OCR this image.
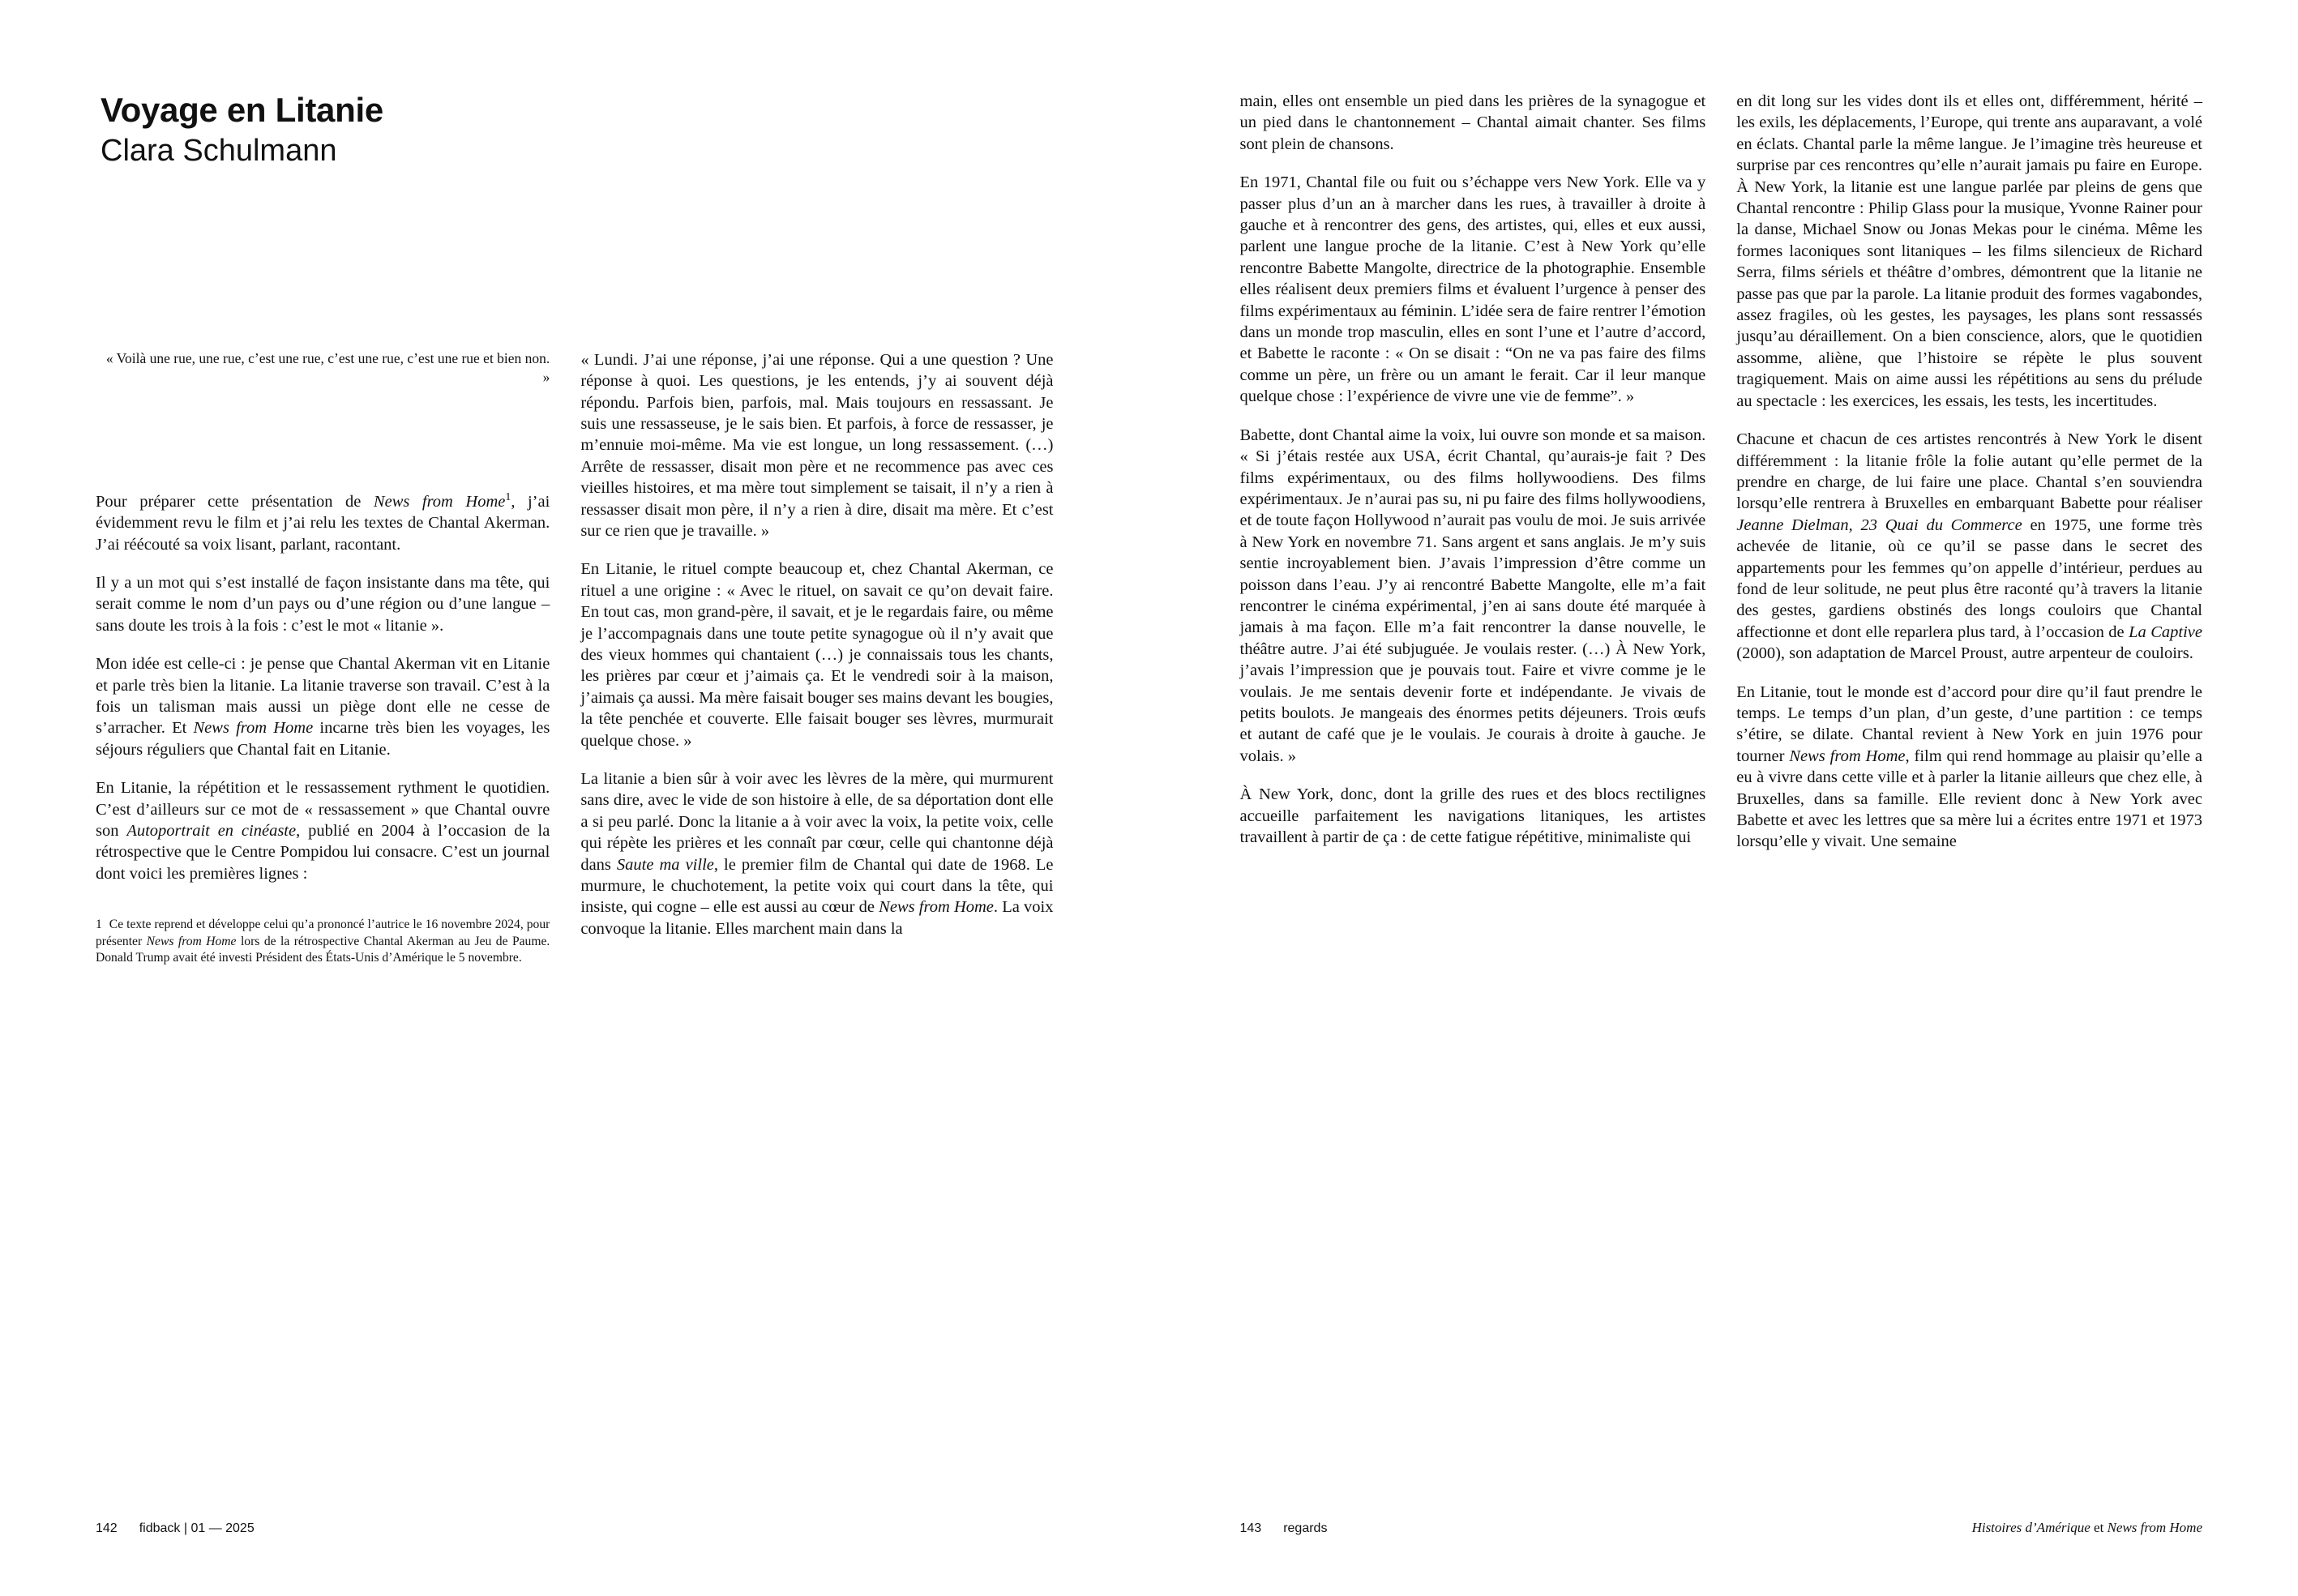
Voyage en Litanie
Clara Schulmann

« Voilà une rue, une rue, c’est une rue, c’est une rue, c’est une rue et bien non. »

Pour préparer cette présentation de News from Home$^1$, j’ai évidemment revu le film et j’ai relu les textes de Chantal Akerman. J’ai réécouté sa voix lisant, parlant, racontant.

Il y a un mot qui s’est installé de façon insistante dans ma tête, qui serait comme le nom d’un pays ou d’une région ou d’une langue – sans doute les trois à la fois : c’est le mot « litanie ».

Mon idée est celle-ci : je pense que Chantal Akerman vit en Litanie et parle très bien la litanie. La litanie traverse son travail. C’est à la fois un talisman mais aussi un piège dont elle ne cesse de s’arracher. Et News from Home incarne très bien les voyages, les séjours réguliers que Chantal fait en Litanie.

En Litanie, la répétition et le ressassement rythment le quotidien. C’est d’ailleurs sur ce mot de « ressassement » que Chantal ouvre son Autoportrait en cinéaste, publié en 2004 à l’occasion de la rétrospective que le Centre Pompidou lui consacre. C’est un journal dont voici les premières lignes :

1 Ce texte reprend et développe celui qu’a prononcé l’autrice le 16 novembre 2024, pour présenter News from Home lors de la rétrospective Chantal Akerman au Jeu de Paume. Donald Trump avait été investi Président des États-Unis d’Amérique le 5 novembre.

« Lundi. J’ai une réponse, j’ai une réponse. Qui a une question ? Une réponse à quoi. Les questions, je les entends, j’y ai souvent déjà répondu. Parfois bien, parfois, mal. Mais toujours en ressassant. Je suis une ressasseuse, je le sais bien. Et parfois, à force de ressasser, je m’ennuie moi-même. Ma vie est longue, un long ressassement. (…) Arrête de ressasser, disait mon père et ne recommence pas avec ces vieilles histoires, et ma mère tout simplement se taisait, il n’y a rien à ressasser disait mon père, il n’y a rien à dire, disait ma mère. Et c’est sur ce rien que je travaille. »

En Litanie, le rituel compte beaucoup et, chez Chantal Akerman, ce rituel a une origine : « Avec le rituel, on savait ce qu’on devait faire. En tout cas, mon grand-père, il savait, et je le regardais faire, ou même je l’accompagnais dans une toute petite synagogue où il n’y avait que des vieux hommes qui chantaient (…) je connaissais tous les chants, les prières par cœur et j’aimais ça. Et le vendredi soir à la maison, j’aimais ça aussi. Ma mère faisait bouger ses mains devant les bougies, la tête penchée et couverte. Elle faisait bouger ses lèvres, murmurait quelque chose. »

La litanie a bien sûr à voir avec les lèvres de la mère, qui murmurent sans dire, avec le vide de son histoire à elle, de sa déportation dont elle a si peu parlé. Donc la litanie a à voir avec la voix, la petite voix, celle qui répète les prières et les connaît par cœur, celle qui chantonne déjà dans Saute ma ville, le premier film de Chantal qui date de 1968. Le murmure, le chuchotement, la petite voix qui court dans la tête, qui insiste, qui cogne – elle est aussi au cœur de News from Home. La voix convoque la litanie. Elles marchent main dans la

142 fidback | 01 — 2025

main, elles ont ensemble un pied dans les prières de la synagogue et un pied dans le chantonnement – Chantal aimait chanter. Ses films sont plein de chansons.

En 1971, Chantal file ou fuit ou s’échappe vers New York. Elle va y passer plus d’un an à marcher dans les rues, à travailler à droite à gauche et à rencontrer des gens, des artistes, qui, elles et eux aussi, parlent une langue proche de la litanie. C’est à New York qu’elle rencontre Babette Mangolte, directrice de la photographie. Ensemble elles réalisent deux premiers films et évaluent l’urgence à penser des films expérimentaux au féminin. L’idée sera de faire rentrer l’émotion dans un monde trop masculin, elles en sont l’une et l’autre d’accord, et Babette le raconte : « On se disait : “On ne va pas faire des films comme un père, un frère ou un amant le ferait. Car il leur manque quelque chose : l’expérience de vivre une vie de femme”. »

Babette, dont Chantal aime la voix, lui ouvre son monde et sa maison. « Si j’étais restée aux USA, écrit Chantal, qu’aurais-je fait ? Des films expérimentaux, ou des films hollywoodiens. Des films expérimentaux. Je n’aurai pas su, ni pu faire des films hollywoodiens, et de toute façon Hollywood n’aurait pas voulu de moi. Je suis arrivée à New York en novembre 71. Sans argent et sans anglais. Je m’y suis sentie incroyablement bien. J’avais l’impression d’être comme un poisson dans l’eau. J’y ai rencontré Babette Mangolte, elle m’a fait rencontrer le cinéma expérimental, j’en ai sans doute été marquée à jamais à ma façon. Elle m’a fait rencontrer la danse nouvelle, le théâtre autre. J’ai été subjuguée. Je voulais rester. (…) À New York, j’avais l’impression que je pouvais tout. Faire et vivre comme je le voulais. Je me sentais devenir forte et indépendante. Je vivais de petits boulots. Je mangeais des énormes petits déjeuners. Trois œufs et autant de café que je le voulais. Je courais à droite à gauche. Je volais. »

À New York, donc, dont la grille des rues et des blocs rectilignes accueille parfaitement les navigations litaniques, les artistes travaillent à partir de ça : de cette fatigue répétitive, minimaliste qui

en dit long sur les vides dont ils et elles ont, différemment, hérité – les exils, les déplacements, l’Europe, qui trente ans auparavant, a volé en éclats. Chantal parle la même langue. Je l’imagine très heureuse et surprise par ces rencontres qu’elle n’aurait jamais pu faire en Europe. À New York, la litanie est une langue parlée par pleins de gens que Chantal rencontre : Philip Glass pour la musique, Yvonne Rainer pour la danse, Michael Snow ou Jonas Mekas pour le cinéma. Même les formes laconiques sont litaniques – les films silencieux de Richard Serra, films sériels et théâtre d’ombres, démontrent que la litanie ne passe pas que par la parole. La litanie produit des formes vagabondes, assez fragiles, où les gestes, les paysages, les plans sont ressassés jusqu’au déraillement. On a bien conscience, alors, que le quotidien assomme, aliène, que l’histoire se répète le plus souvent tragiquement. Mais on aime aussi les répétitions au sens du prélude au spectacle : les exercices, les essais, les tests, les incertitudes.

Chacune et chacun de ces artistes rencontrés à New York le disent différemment : la litanie frôle la folie autant qu’elle permet de la prendre en charge, de lui faire une place. Chantal s’en souviendra lorsqu’elle rentrera à Bruxelles en embarquant Babette pour réaliser Jeanne Dielman, 23 Quai du Commerce en 1975, une forme très achevée de litanie, où ce qu’il se passe dans le secret des appartements pour les femmes qu’on appelle d’intérieur, perdues au fond de leur solitude, ne peut plus être raconté qu’à travers la litanie des gestes, gardiens obstinés des longs couloirs que Chantal affectionne et dont elle reparlera plus tard, à l’occasion de La Captive (2000), son adaptation de Marcel Proust, autre arpenteur de couloirs.

En Litanie, tout le monde est d’accord pour dire qu’il faut prendre le temps. Le temps d’un plan, d’un geste, d’une partition : ce temps s’étire, se dilate. Chantal revient à New York en juin 1976 pour tourner News from Home, film qui rend hommage au plaisir qu’elle a eu à vivre dans cette ville et à parler la litanie ailleurs que chez elle, à Bruxelles, dans sa famille. Elle revient donc à New York avec Babette et avec les lettres que sa mère lui a écrites entre 1971 et 1973 lorsqu’elle y vivait. Une semaine

143 regards	Histoires d’Amérique et News from Home
